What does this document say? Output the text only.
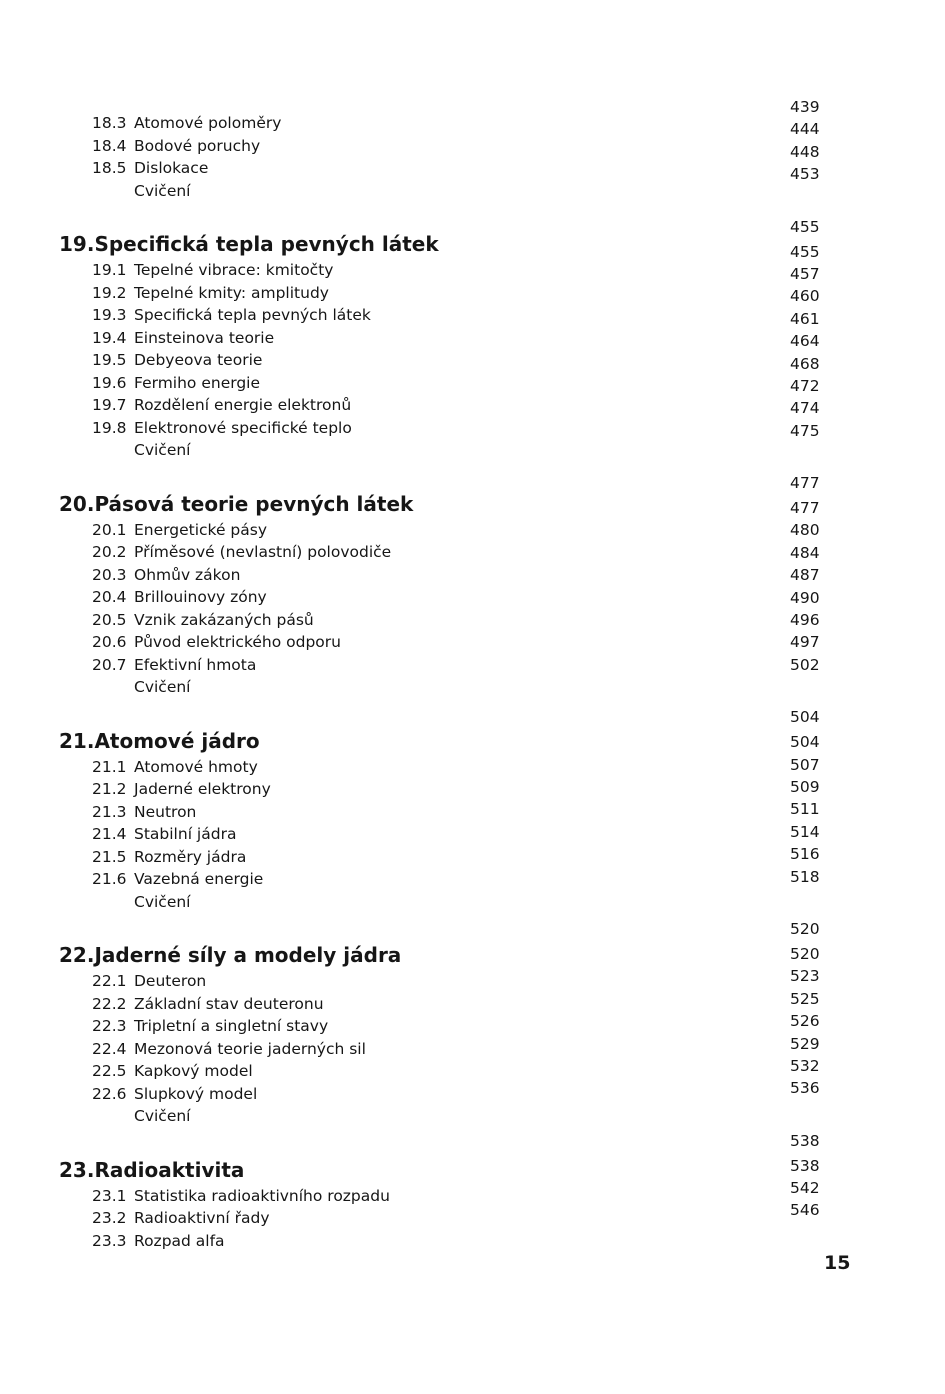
18.3 Atomové poloměry
18.4 Bodové poruchy
18.5 Dislokace
Cvičení
19.Specifická tepla pevných látek
19.1 Tepelné vibrace: kmitočty
19.2 Tepelné kmity: amplitudy
19.3 Specifická tepla pevných látek
19.4 Einsteinova teorie
19.5 Debyeova teorie
19.6 Fermiho energie
19.7 Rozdělení energie elektronů
19.8 Elektronové specifické teplo
Cvičení
20.Pásová teorie pevných látek
20.1 Energetické pásy
20.2 Příměsové (nevlastní) polovodiče
20.3 Ohmův zákon
20.4 Brillouinovy zóny
20.5 Vznik zakázaných pásů
20.6 Původ elektrického odporu
20.7 Efektivní hmota
Cvičení
21.Atomové jádro
21.1 Atomové hmoty
21.2 Jaderné elektrony
21.3 Neutron
21.4 Stabilní jádra
21.5 Rozměry jádra
21.6 Vazebná energie
Cvičení
22.Jaderné síly a modely jádra
22.1 Deuteron
22.2 Základní stav deuteronu
22.3 Tripletní a singletní stavy
22.4 Mezonová teorie jaderných sil
22.5 Kapkový model
22.6 Slupkový model
Cvičení
23.Radioaktivita
23.1 Statistika radioaktivního rozpadu
23.2 Radioaktivní řady
23.3 Rozpad alfa
439
444
448
453
455
455
457
460
461
464
468
472
474
475
477
477
480
484
487
490
496
497
502
504
504
507
509
511
514
516
518
520
520
523
525
526
529
532
536
538
538
542
546
15
